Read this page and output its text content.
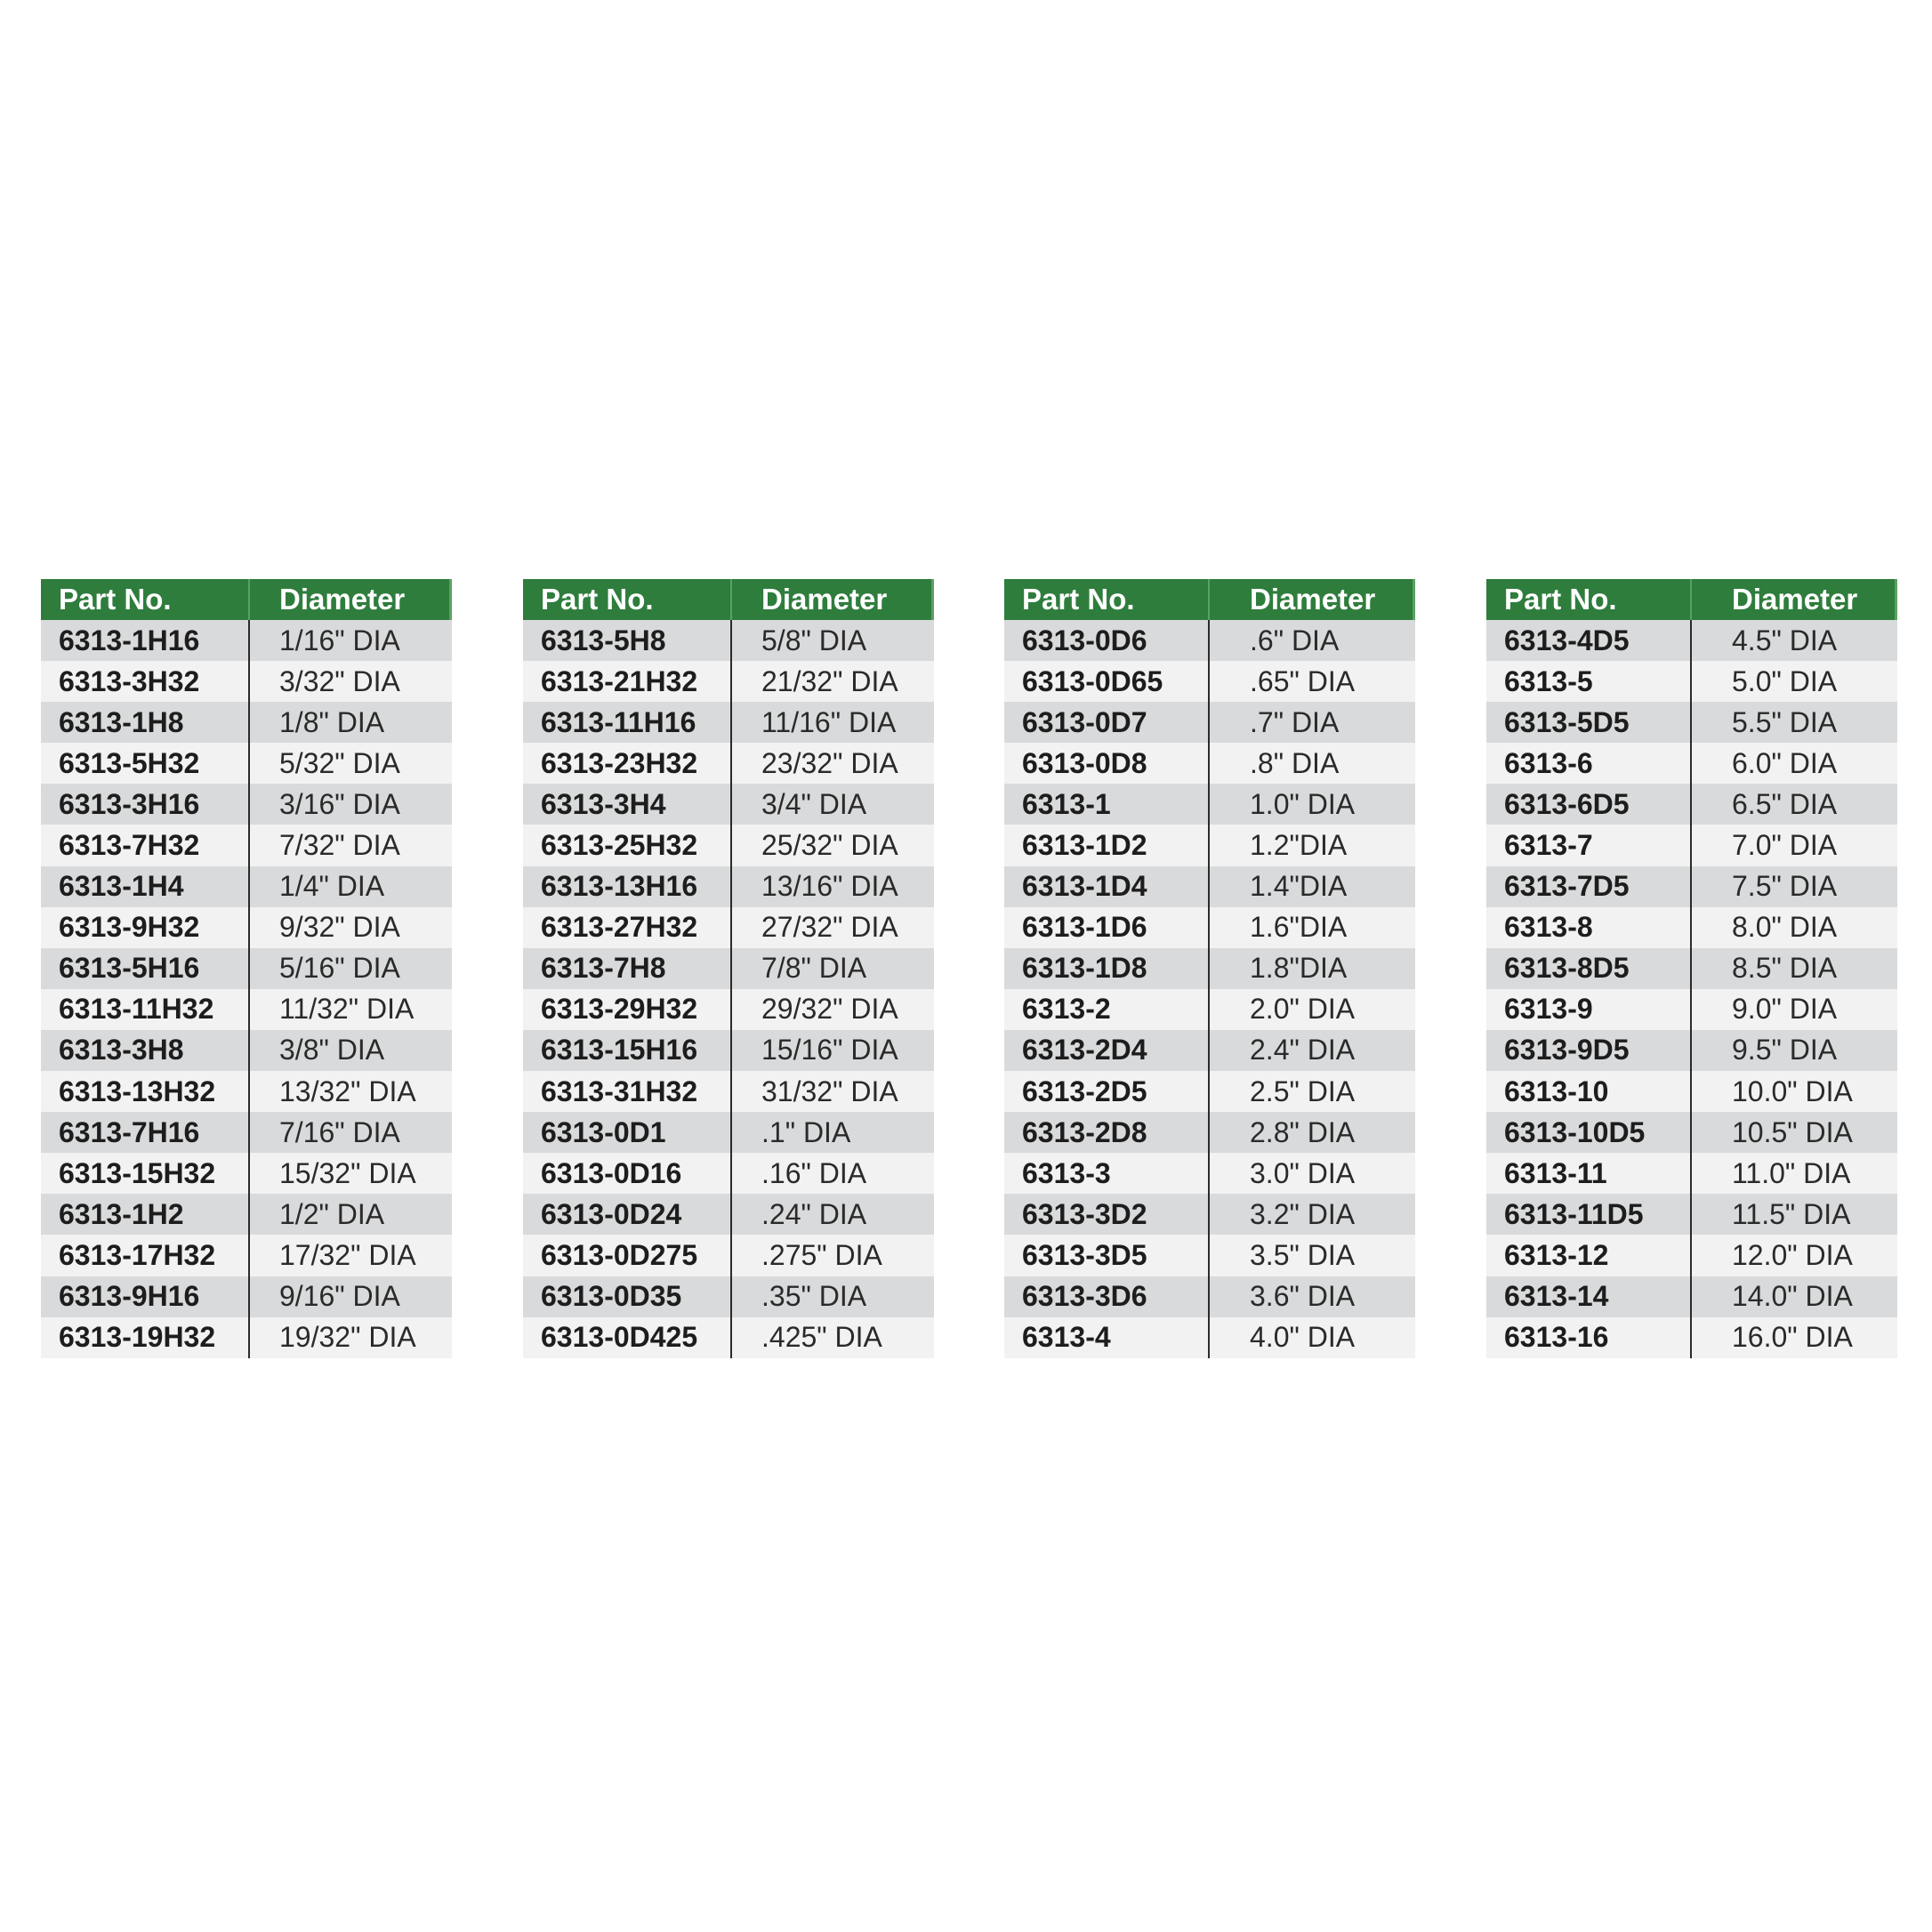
Part No.	Diameter
6313-1H16	1/16" DIA
6313-3H32	3/32" DIA
6313-1H8	1/8" DIA
6313-5H32	5/32" DIA
6313-3H16	3/16" DIA
6313-7H32	7/32" DIA
6313-1H4	1/4" DIA
6313-9H32	9/32" DIA
6313-5H16	5/16" DIA
6313-11H32	11/32" DIA
6313-3H8	3/8" DIA
6313-13H32	13/32" DIA
6313-7H16	7/16" DIA
6313-15H32	15/32" DIA
6313-1H2	1/2" DIA
6313-17H32	17/32" DIA
6313-9H16	9/16" DIA
6313-19H32	19/32" DIA
Part No.	Diameter
6313-5H8	5/8" DIA
6313-21H32	21/32" DIA
6313-11H16	11/16" DIA
6313-23H32	23/32" DIA
6313-3H4	3/4" DIA
6313-25H32	25/32" DIA
6313-13H16	13/16" DIA
6313-27H32	27/32" DIA
6313-7H8	7/8" DIA
6313-29H32	29/32" DIA
6313-15H16	15/16" DIA
6313-31H32	31/32" DIA
6313-0D1	.1" DIA
6313-0D16	.16" DIA
6313-0D24	.24" DIA
6313-0D275	.275" DIA
6313-0D35	.35" DIA
6313-0D425	.425" DIA
Part No.	Diameter
6313-0D6	.6" DIA
6313-0D65	.65" DIA
6313-0D7	.7" DIA
6313-0D8	.8" DIA
6313-1	1.0" DIA
6313-1D2	1.2"DIA
6313-1D4	1.4"DIA
6313-1D6	1.6"DIA
6313-1D8	1.8"DIA
6313-2	2.0" DIA
6313-2D4	2.4" DIA
6313-2D5	2.5" DIA
6313-2D8	2.8" DIA
6313-3	3.0" DIA
6313-3D2	3.2" DIA
6313-3D5	3.5" DIA
6313-3D6	3.6" DIA
6313-4	4.0" DIA
Part No.	Diameter
6313-4D5	4.5" DIA
6313-5	5.0" DIA
6313-5D5	5.5" DIA
6313-6	6.0" DIA
6313-6D5	6.5" DIA
6313-7	7.0" DIA
6313-7D5	7.5" DIA
6313-8	8.0" DIA
6313-8D5	8.5" DIA
6313-9	9.0" DIA
6313-9D5	9.5" DIA
6313-10	10.0" DIA
6313-10D5	10.5" DIA
6313-11	11.0" DIA
6313-11D5	11.5" DIA
6313-12	12.0" DIA
6313-14	14.0" DIA
6313-16	16.0" DIA
